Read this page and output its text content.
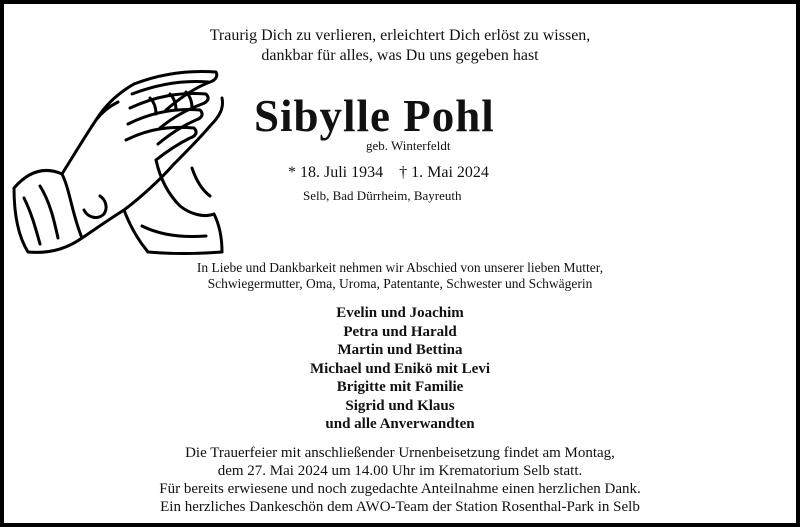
Traurig Dich zu verlieren, erleichtert Dich erlöst zu wissen,
dankbar für alles, was Du uns gegeben hast
Sibylle Pohl
geb. Winterfeldt
* 18. Juli 1934 † 1. Mai 2024
Selb, Bad Dürrheim, Bayreuth
In Liebe und Dankbarkeit nehmen wir Abschied von unserer lieben Mutter,
Schwiegermutter, Oma, Uroma, Patentante, Schwester und Schwägerin
Evelin und Joachim
Petra und Harald
Martin und Bettina
Michael und Enikö mit Levi
Brigitte mit Familie
Sigrid und Klaus
und alle Anverwandten
Die Trauerfeier mit anschließender Urnenbeisetzung findet am Montag,
dem 27. Mai 2024 um 14.00 Uhr im Krematorium Selb statt.
Für bereits erwiesene und noch zugedachte Anteilnahme einen herzlichen Dank.
Ein herzliches Dankeschön dem AWO-Team der Station Rosenthal-Park in Selb
